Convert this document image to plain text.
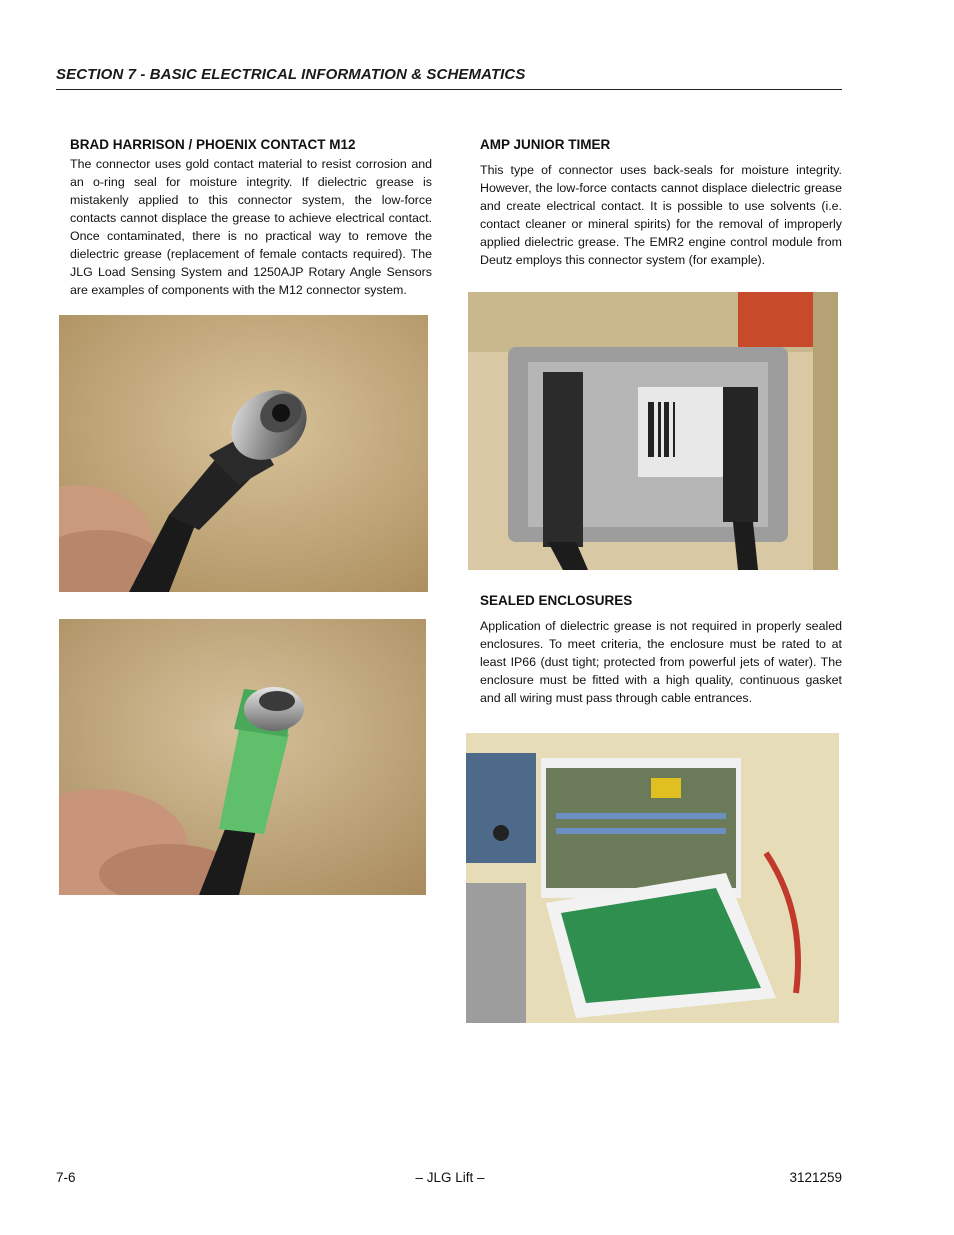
SECTION 7 - BASIC ELECTRICAL INFORMATION & SCHEMATICS
BRAD HARRISON / PHOENIX CONTACT M12
The connector uses gold contact material to resist corrosion and an o-ring seal for moisture integrity. If dielectric grease is mistakenly applied to this connector system, the low-force contacts cannot displace the grease to achieve electrical contact. Once contaminated, there is no practical way to remove the dielectric grease (replacement of female contacts required). The JLG Load Sensing System and 1250AJP Rotary Angle Sensors are examples of components with the M12 connector system.
AMP JUNIOR TIMER
This type of connector uses back-seals for moisture integrity. However, the low-force contacts cannot displace dielectric grease and create electrical contact. It is possible to use solvents (i.e. contact cleaner or mineral spirits) for the removal of improperly applied dielectric grease. The EMR2 engine control module from Deutz employs this connector system (for example).
SEALED ENCLOSURES
Application of dielectric grease is not required in properly sealed enclosures. To meet criteria, the enclosure must be rated to at least IP66 (dust tight; protected from powerful jets of water). The enclosure must be fitted with a high quality, continuous gasket and all wiring must pass through cable entrances.
7-6	– JLG Lift –	3121259
